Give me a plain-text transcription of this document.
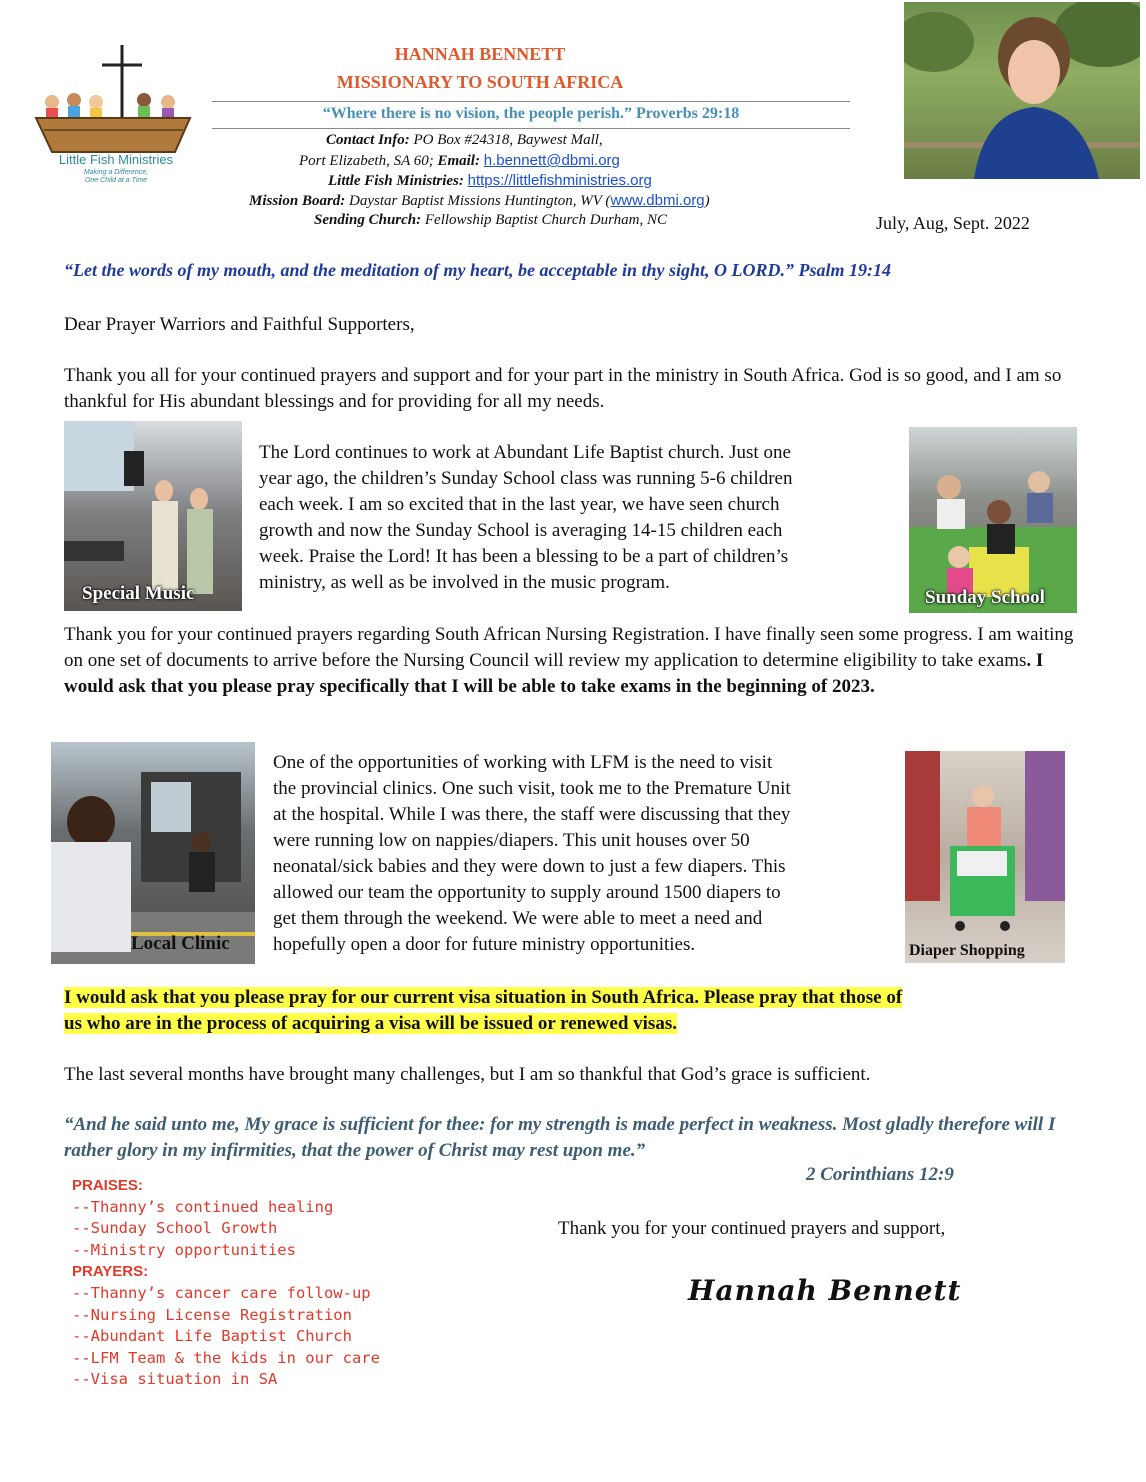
Little Fish Ministries
Making a Difference,
One Child at a Time
HANNAH BENNETT
MISSIONARY TO SOUTH AFRICA
“Where there is no vision, the people perish.” Proverbs 29:18
Contact Info: PO Box #24318, Baywest Mall,
Port Elizabeth, SA 60; Email: h.bennett@dbmi.org
Little Fish Ministries: https://littlefishministries.org
Mission Board: Daystar Baptist Missions Huntington, WV (www.dbmi.org)
Sending Church: Fellowship Baptist Church Durham, NC	July, Aug, Sept. 2022
“Let the words of my mouth, and the meditation of my heart, be acceptable in thy sight, O LORD.” Psalm 19:14
Dear Prayer Warriors and Faithful Supporters,
Thank you all for your continued prayers and support and for your part in the ministry in South Africa. God is so good, and I am so thankful for His abundant blessings and for providing for all my needs.
Special Music
The Lord continues to work at Abundant Life Baptist church. Just one
year ago, the children’s Sunday School class was running 5-6 children
each week. I am so excited that in the last year, we have seen church
growth and now the Sunday School is averaging 14-15 children each
week. Praise the Lord! It has been a blessing to be a part of children’s
ministry, as well as be involved in the music program.
Sunday School
Thank you for your continued prayers regarding South African Nursing Registration. I have finally seen some progress. I am waiting on one set of documents to arrive before the Nursing Council will review my application to determine eligibility to take exams. I would ask that you please pray specifically that I will be able to take exams in the beginning of 2023.
Local Clinic
One of the opportunities of working with LFM is the need to visit
the provincial clinics. One such visit, took me to the Premature Unit
at the hospital. While I was there, the staff were discussing that they
were running low on nappies/diapers. This unit houses over 50
neonatal/sick babies and they were down to just a few diapers. This
allowed our team the opportunity to supply around 1500 diapers to
get them through the weekend. We were able to meet a need and
hopefully open a door for future ministry opportunities.	Diaper Shopping
I would ask that you please pray for our current visa situation in South Africa. Please pray that those of
us who are in the process of acquiring a visa will be issued or renewed visas.
The last several months have brought many challenges, but I am so thankful that God’s grace is sufficient.
“And he said unto me, My grace is sufficient for thee: for my strength is made perfect in weakness. Most gladly therefore will I rather glory in my infirmities, that the power of Christ may rest upon me.”
2 Corinthians 12:9
PRAISES:
--Thanny’s continued healing
--Sunday School Growth
--Ministry opportunities
PRAYERS:
--Thanny’s cancer care follow-up
--Nursing License Registration
--Abundant Life Baptist Church
--LFM Team & the kids in our care
--Visa situation in SA
Thank you for your continued prayers and support,
Hannah Bennett
